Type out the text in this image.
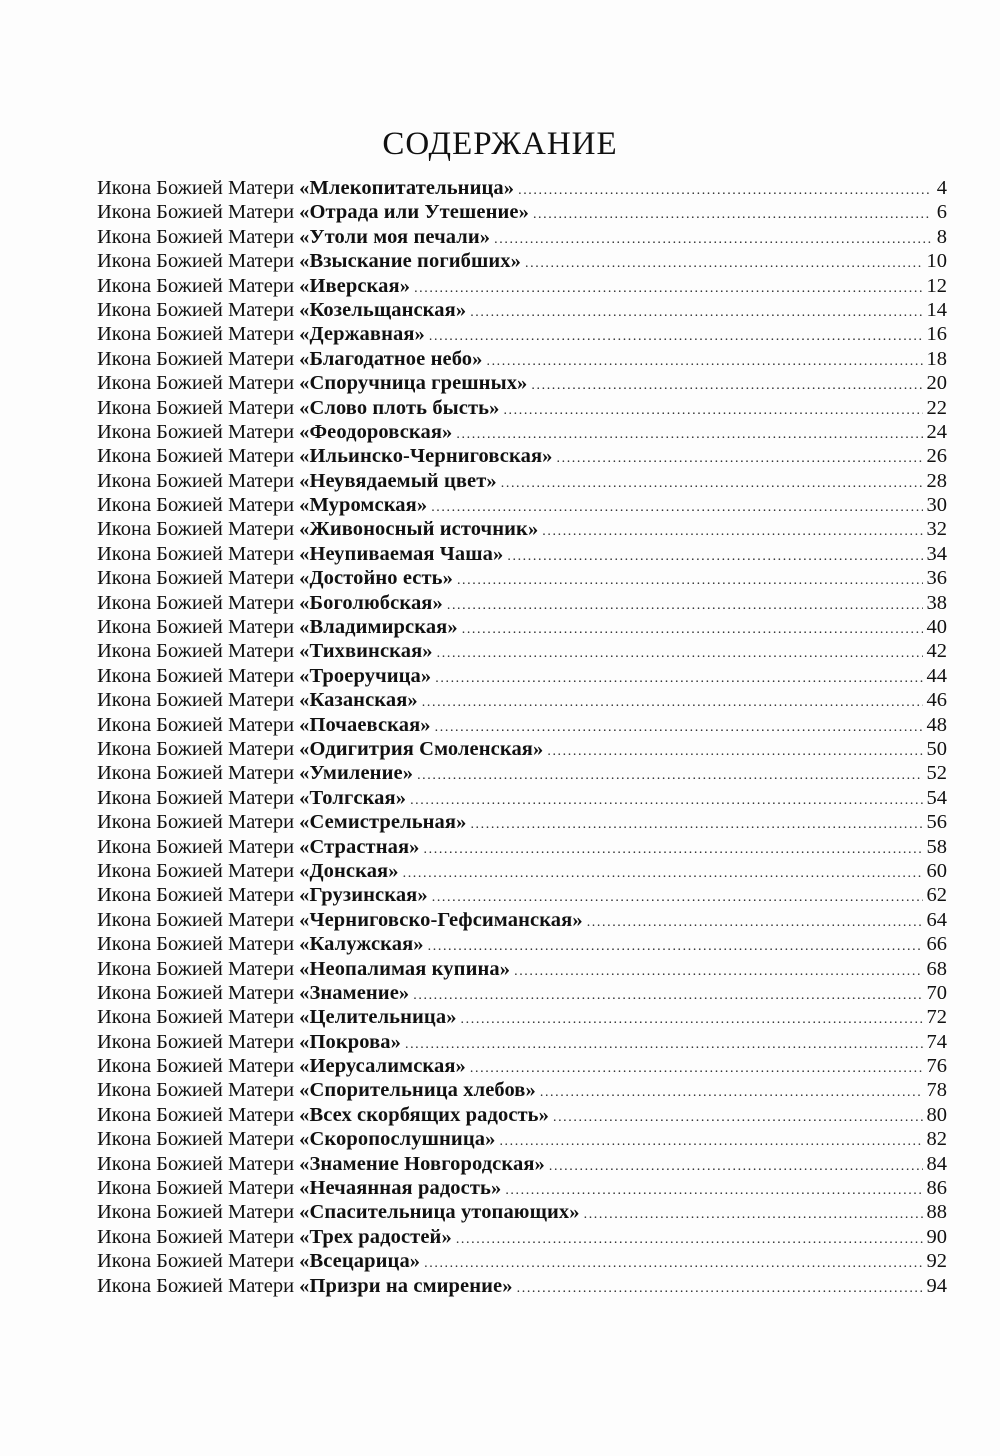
СОДЕРЖАНИЕ
Икона Божией Матери «Млекопитательница» .....	4
Икона Божией Матери «Отрада или Утешение» .....	6
Икона Божией Матери «Утоли моя печали» .....	8
Икона Божией Матери «Взыскание погибших» .....	10
Икона Божией Матери «Иверская» .....	12
Икона Божией Матери «Козельщанская» .....	14
Икона Божией Матери «Державная» .....	16
Икона Божией Матери «Благодатное небо» .....	18
Икона Божией Матери «Споручница грешных» .....	20
Икона Божией Матери «Слово плоть бысть» .....	22
Икона Божией Матери «Феодоровская» .....	24
Икона Божией Матери «Ильинско-Черниговская» .....	26
Икона Божией Матери «Неувядаемый цвет» .....	28
Икона Божией Матери «Муромская» .....	30
Икона Божией Матери «Живоносный источник» .....	32
Икона Божией Матери «Неупиваемая Чаша» .....	34
Икона Божией Матери «Достойно есть» .....	36
Икона Божией Матери «Боголюбская» .....	38
Икона Божией Матери «Владимирская» .....	40
Икона Божией Матери «Тихвинская» .....	42
Икона Божией Матери «Троеручица» .....	44
Икона Божией Матери «Казанская» .....	46
Икона Божией Матери «Почаевская» .....	48
Икона Божией Матери «Одигитрия Смоленская» .....	50
Икона Божией Матери «Умиление» .....	52
Икона Божией Матери «Толгская» .....	54
Икона Божией Матери «Семистрельная» .....	56
Икона Божией Матери «Страстная» .....	58
Икона Божией Матери «Донская» .....	60
Икона Божией Матери «Грузинская» .....	62
Икона Божией Матери «Черниговско-Гефсиманская» .....	64
Икона Божией Матери «Калужская» .....	66
Икона Божией Матери «Неопалимая купина» .....	68
Икона Божией Матери «Знамение» .....	70
Икона Божией Матери «Целительница» .....	72
Икона Божией Матери «Покрова» .....	74
Икона Божией Матери «Иерусалимская» .....	76
Икона Божией Матери «Спорительница хлебов» .....	78
Икона Божией Матери «Всех скорбящих радость» .....	80
Икона Божией Матери «Скоропослушница» .....	82
Икона Божией Матери «Знамение Новгородская» .....	84
Икона Божией Матери «Нечаянная радость» .....	86
Икона Божией Матери «Спасительница утопающих» .....	88
Икона Божией Матери «Трех радостей» .....	90
Икона Божией Матери «Всецарица» .....	92
Икона Божией Матери «Призри на смирение» .....	94
